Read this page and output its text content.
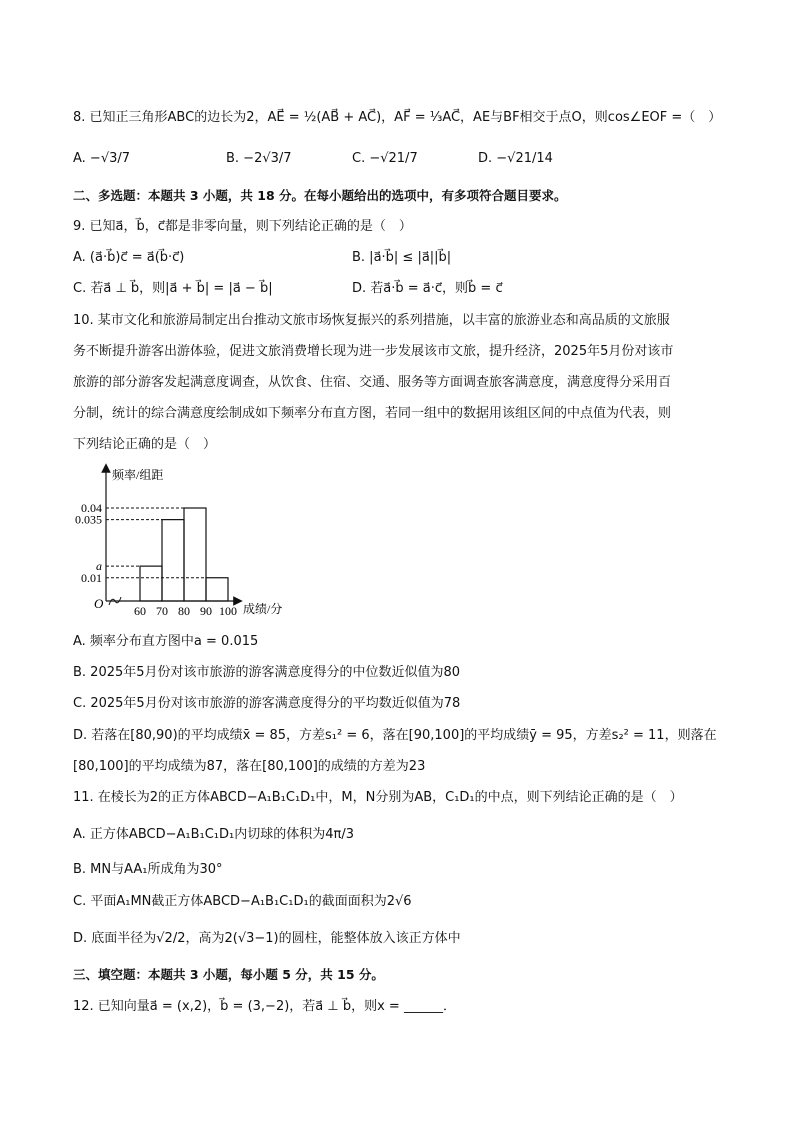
8. 已知正三角形ABC的边长为2，AE⃗ = ½(AB⃗ + AC⃗)，AF⃗ = ⅓AC⃗，AE与BF相交于点O，则cos∠EOF =（　）
A. −√3/7	B. −2√3/7	C. −√21/7	D. −√21/14
二、多选题：本题共 3 小题，共 18 分。在每小题给出的选项中，有多项符合题目要求。
9. 已知a⃗，b⃗，c⃗都是非零向量，则下列结论正确的是（　）
A. (a⃗·b⃗)c⃗ = a⃗(b⃗·c⃗)	B. |a⃗·b⃗| ≤ |a⃗||b⃗|
C. 若a⃗ ⊥ b⃗，则|a⃗ + b⃗| = |a⃗ − b⃗|	D. 若a⃗·b⃗ = a⃗·c⃗，则b⃗ = c⃗
10. 某市文化和旅游局制定出台推动文旅市场恢复振兴的系列措施，以丰富的旅游业态和高品质的文旅服
务不断提升游客出游体验，促进文旅消费增长现为进一步发展该市文旅，提升经济，2025年5月份对该市
旅游的部分游客发起满意度调查，从饮食、住宿、交通、服务等方面调查旅客满意度，满意度得分采用百
分制，统计的综合满意度绘制成如下频率分布直方图，若同一组中的数据用该组区间的中点值为代表，则
下列结论正确的是（　）
0.04
0.035
a
0.01
60 70 80 90 100
频率/组距
成绩/分
O
A. 频率分布直方图中a = 0.015
B. 2025年5月份对该市旅游的游客满意度得分的中位数近似值为80
C. 2025年5月份对该市旅游的游客满意度得分的平均数近似值为78
D. 若落在[80,90)的平均成绩x̄ = 85，方差s₁² = 6，落在[90,100]的平均成绩ȳ = 95，方差s₂² = 11，则落在
[80,100]的平均成绩为87，落在[80,100]的成绩的方差为23
11. 在棱长为2的正方体ABCD−A₁B₁C₁D₁中，M，N分别为AB，C₁D₁的中点，则下列结论正确的是（　）
A. 正方体ABCD−A₁B₁C₁D₁内切球的体积为4π/3
B. MN与AA₁所成角为30°
C. 平面A₁MN截正方体ABCD−A₁B₁C₁D₁的截面面积为2√6
D. 底面半径为√2/2，高为2(√3−1)的圆柱，能整体放入该正方体中
三、填空题：本题共 3 小题，每小题 5 分，共 15 分。
12. 已知向量a⃗ = (x,2)，b⃗ = (3,−2)，若a⃗ ⊥ b⃗，则x = ______．
